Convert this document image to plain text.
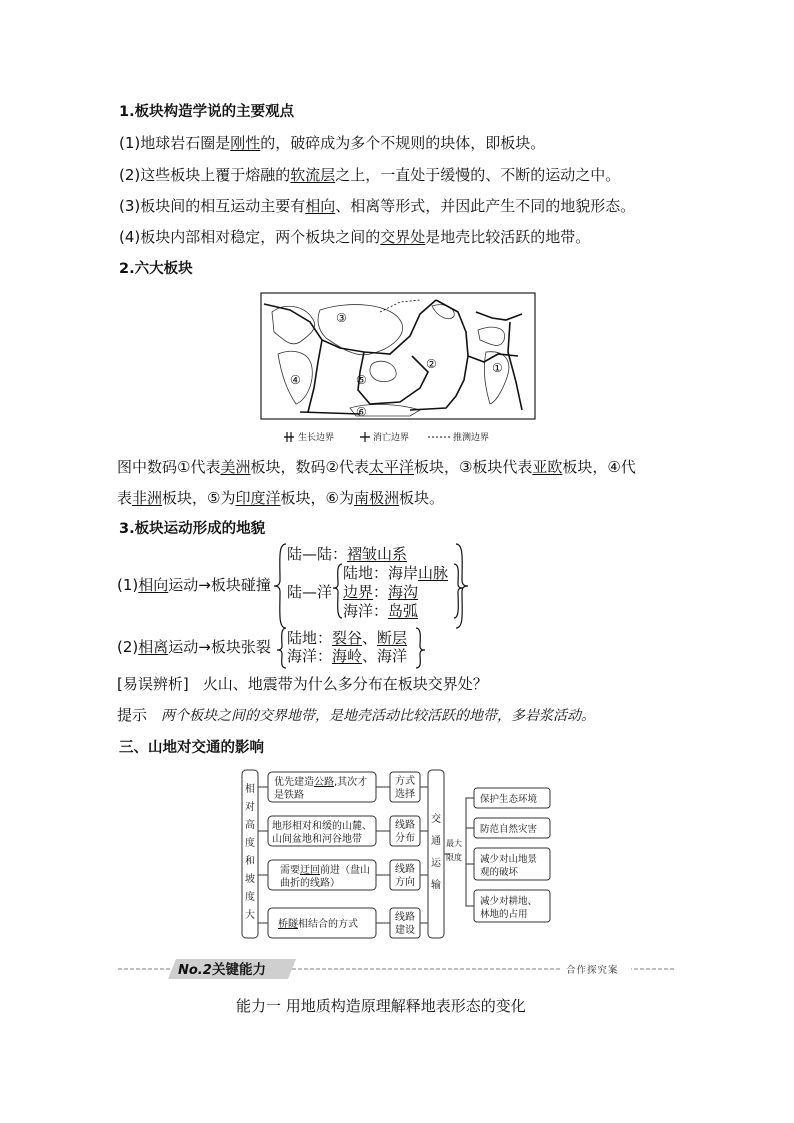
1.板块构造学说的主要观点
(1)地球岩石圈是刚性的，破碎成为多个不规则的块体，即板块。
(2)这些板块上覆于熔融的软流层之上，一直处于缓慢的、不断的运动之中。
(3)板块间的相互运动主要有相向、相离等形式，并因此产生不同的地貌形态。
(4)板块内部相对稳定，两个板块之间的交界处是地壳比较活跃的地带。
2.六大板块
③
②	①
④	⑤
⑥
生长边界	消亡边界	推测边界
图中数码①代表美洲板块，数码②代表太平洋板块，③板块代表亚欧板块，④代
表非洲板块，⑤为印度洋板块，⑥为南极洲板块。
3.板块运动形成的地貌
(1)相向运动→板块碰撞
陆—陆：褶皱山系
陆—洋
陆地：海岸山脉
边界：海沟
海洋：岛弧
(2)相离运动→板块张裂 陆地：裂谷、断层
海洋：海岭、海洋
[易误辨析] 火山、地震带为什么多分布在板块交界处？
提示 两个板块之间的交界地带，是地壳活动比较活跃的地带，多岩浆活动。
三、山地对交通的影响
相
对
高
度
和
坡
度
大
优先建造公路,其次才
是铁路
地形相对和缓的山麓、
山间盆地和河谷地带
需要迂回前进（盘山
曲折的线路）
桥隧相结合的方式
方式
选择
线路
分布
线路
方向
线路
建设
交
通
运
输
最大
限度
保护生态环境
防范自然灾害
减少对山地景
观的破坏
减少对耕地、
林地的占用
No.2 关键能力	合作探究案
能力一 用地质构造原理解释地表形态的变化
